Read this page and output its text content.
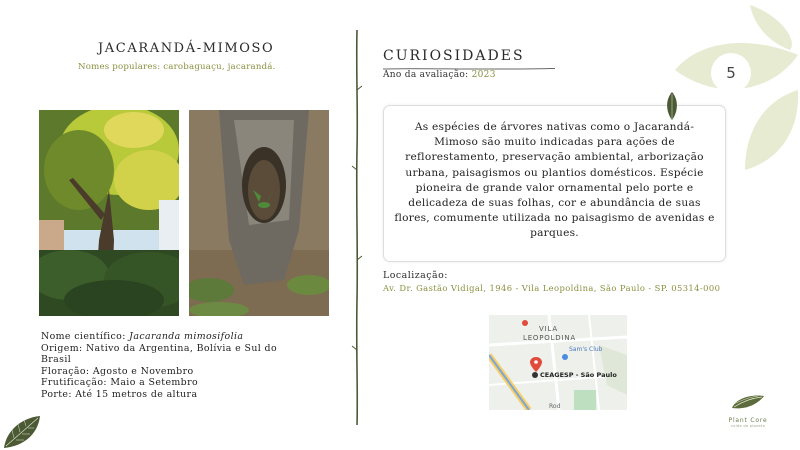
JACARANDÁ-MIMOSO
Nomes populares: carobaguaçu, jacarandá.
Nome científico: Jacaranda mimosifolia
Origem: Nativo da Argentina, Bolívia e Sul do Brasil
Floração: Agosto e Novembro
Frutificação: Maio a Setembro
Porte: Até 15 metros de altura
CURIOSIDADES
Ano da avaliação: 2023

As espécies de árvores nativas como o Jacarandá-Mimoso são muito indicadas para ações de reflorestamento, preservação ambiental, arborização urbana, paisagismos ou plantios domésticos. Espécie pioneira de grande valor ornamental pelo porte e delicadeza de suas folhas, cor e abundância de suas flores, comumente utilizada no paisagismo de avenidas e parques.

Localização:
Av. Dr. Gastão Vidigal, 1946 - Vila Leopoldina, São Paulo - SP. 05314-000
VILA
LEOPOLDINA
Sam's Club
CEAGESP - São Paulo
Rod
5
Plant Core
cuide do planeta
